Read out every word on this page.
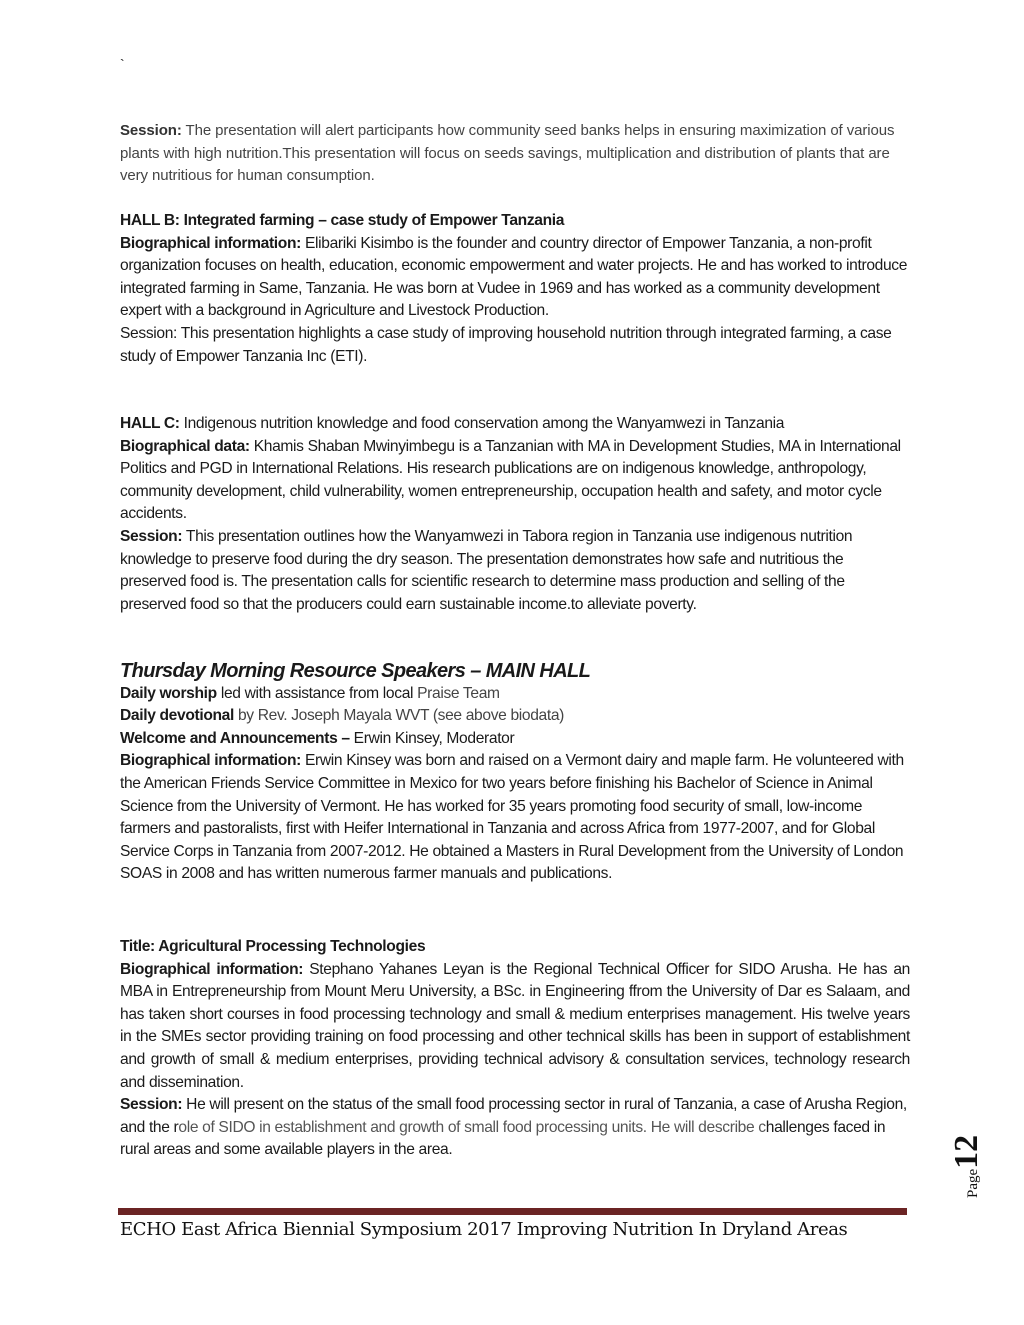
`

Session: The presentation will alert participants how community seed banks helps in ensuring maximization of various plants with high nutrition.This presentation will focus on seeds savings, multiplication and distribution of plants that are very nutritious for human consumption.

HALL B: Integrated farming – case study of Empower Tanzania

Biographical information: Elibariki Kisimbo is the founder and country director of Empower Tanzania, a non-profit organization focuses on health, education, economic empowerment and water projects. He and has worked to introduce integrated farming in Same, Tanzania. He was born at Vudee in 1969 and has worked as a community development expert with a background in Agriculture and Livestock Production.

Session: This presentation highlights a case study of improving household nutrition through integrated farming, a case study of Empower Tanzania Inc (ETI).

HALL C: Indigenous nutrition knowledge and food conservation among the Wanyamwezi in Tanzania

Biographical data: Khamis Shaban Mwinyimbegu is a Tanzanian with MA in Development Studies, MA in International Politics and PGD in International Relations. His research publications are on indigenous knowledge, anthropology, community development, child vulnerability, women entrepreneurship, occupation health and safety, and motor cycle accidents.

Session: This presentation outlines how the Wanyamwezi in Tabora region in Tanzania use indigenous nutrition knowledge to preserve food during the dry season. The presentation demonstrates how safe and nutritious the preserved food is. The presentation calls for scientific research to determine mass production and selling of the preserved food so that the producers could earn sustainable income.to alleviate poverty.

Thursday Morning Resource Speakers – MAIN HALL

Daily worship led with assistance from local Praise Team

Daily devotional by Rev. Joseph Mayala WVT (see above biodata)

Welcome and Announcements – Erwin Kinsey, Moderator

Biographical information: Erwin Kinsey was born and raised on a Vermont dairy and maple farm. He volunteered with the American Friends Service Committee in Mexico for two years before finishing his Bachelor of Science in Animal Science from the University of Vermont. He has worked for 35 years promoting food security of small, low-income farmers and pastoralists, first with Heifer International in Tanzania and across Africa from 1977-2007, and for Global Service Corps in Tanzania from 2007-2012. He obtained a Masters in Rural Development from the University of London SOAS in 2008 and has written numerous farmer manuals and publications.

Title: Agricultural Processing Technologies

Biographical information: Stephano Yahanes Leyan is the Regional Technical Officer for SIDO Arusha. He has an MBA in Entrepreneurship from Mount Meru University, a BSc. in Engineering ffrom the University of Dar es Salaam, and has taken short courses in food processing technology and small & medium enterprises management. His twelve years in the SMEs sector providing training on food processing and other technical skills has been in support of establishment and growth of small & medium enterprises, providing technical advisory & consultation services, technology research and dissemination.

Session: He will present on the status of the small food processing sector in rural of Tanzania, a case of Arusha Region, and the role of SIDO in establishment and growth of small food processing units. He will describe challenges faced in rural areas and some available players in the area.

Page12
ECHO East Africa Biennial Symposium 2017 Improving Nutrition In Dryland Areas
